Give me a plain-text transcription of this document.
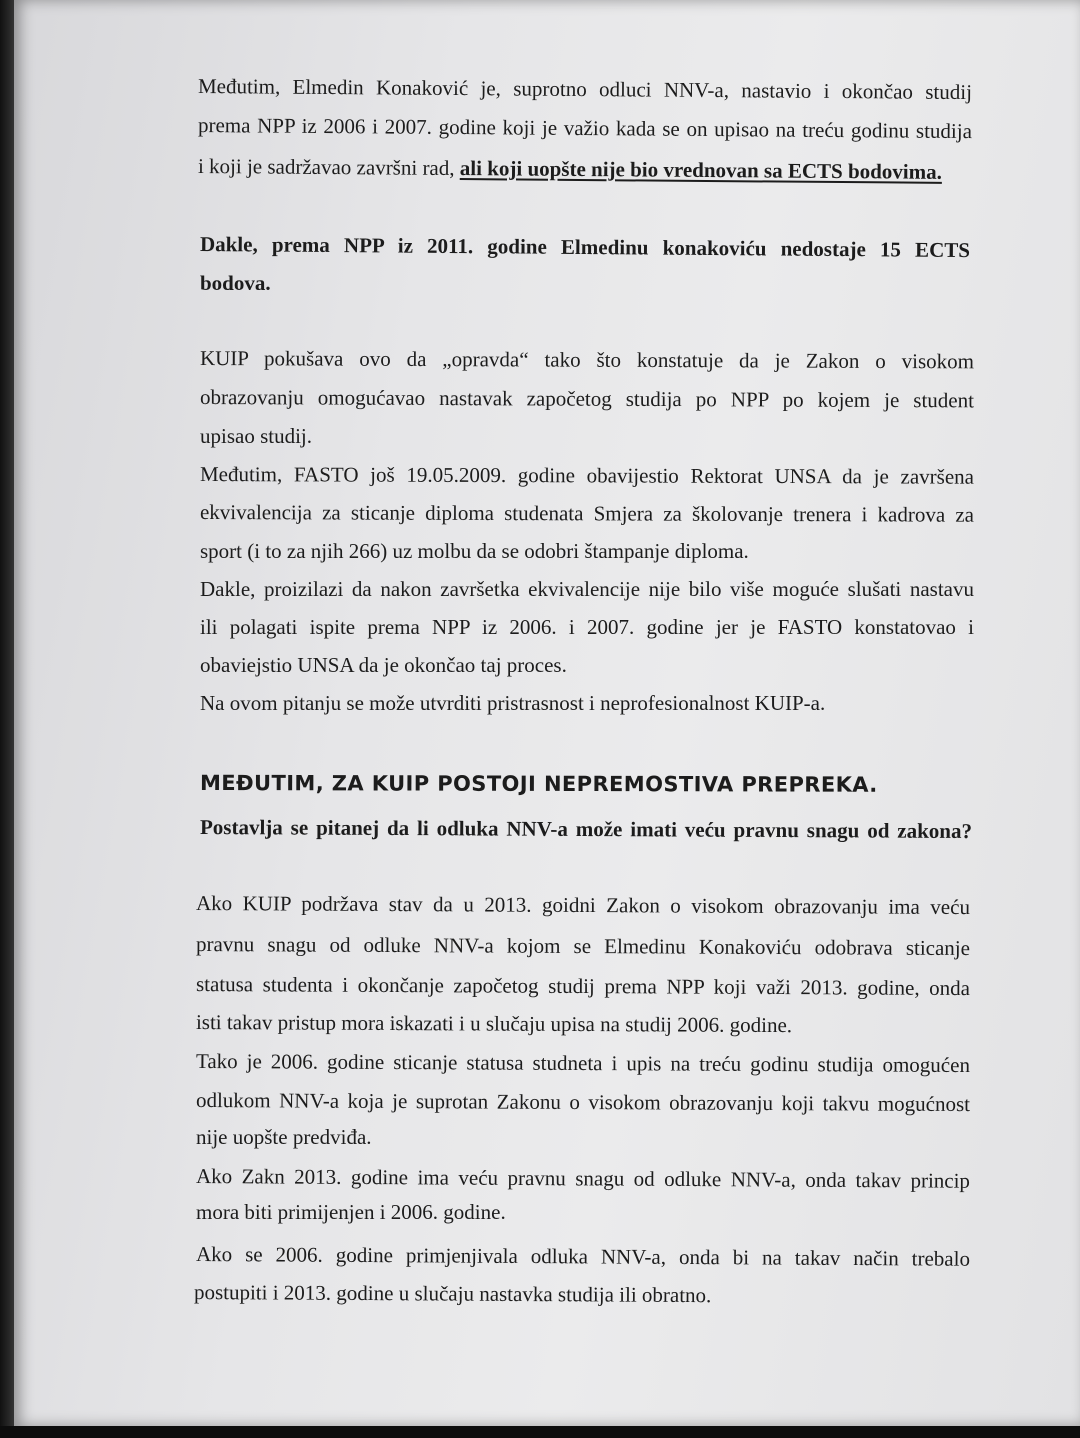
Međutim, Elmedin Konaković je, suprotno odluci NNV-a, nastavio i okončao studij
prema NPP iz 2006 i 2007. godine koji je važio kada se on upisao na treću godinu studija
i koji je sadržavao završni rad, ali koji uopšte nije bio vrednovan sa ECTS bodovima.
Dakle, prema NPP iz 2011. godine Elmedinu konakoviću nedostaje 15 ECTS
bodova.
KUIP pokušava ovo da „opravda“ tako što konstatuje da je Zakon o visokom
obrazovanju omogućavao nastavak započetog studija po NPP po kojem je student
upisao studij.
Međutim, FASTO još 19.05.2009. godine obavijestio Rektorat UNSA da je završena
ekvivalencija za sticanje diploma studenata Smjera za školovanje trenera i kadrova za
sport (i to za njih 266) uz molbu da se odobri štampanje diploma.
Dakle, proizilazi da nakon završetka ekvivalencije nije bilo više moguće slušati nastavu
ili polagati ispite prema NPP iz 2006. i 2007. godine jer je FASTO konstatovao i
obaviejstio UNSA da je okončao taj proces.
Na ovom pitanju se može utvrditi pristrasnost i neprofesionalnost KUIP-a.
MEĐUTIM, ZA KUIP POSTOJI NEPREMOSTIVA PREPREKA.
Postavlja se pitanej da li odluka NNV-a može imati veću pravnu snagu od zakona?
Ako KUIP podržava stav da u 2013. goidni Zakon o visokom obrazovanju ima veću
pravnu snagu od odluke NNV-a kojom se Elmedinu Konakoviću odobrava sticanje
statusa studenta i okončanje započetog studij prema NPP koji važi 2013. godine, onda
isti takav pristup mora iskazati i u slučaju upisa na studij 2006. godine.
Tako je 2006. godine sticanje statusa studneta i upis na treću godinu studija omogućen
odlukom NNV-a koja je suprotan Zakonu o visokom obrazovanju koji takvu mogućnost
nije uopšte predviđa.
Ako Zakn 2013. godine ima veću pravnu snagu od odluke NNV-a, onda takav princip
mora biti primijenjen i 2006. godine.
Ako se 2006. godine primjenjivala odluka NNV-a, onda bi na takav način trebalo
postupiti i 2013. godine u slučaju nastavka studija ili obratno.
